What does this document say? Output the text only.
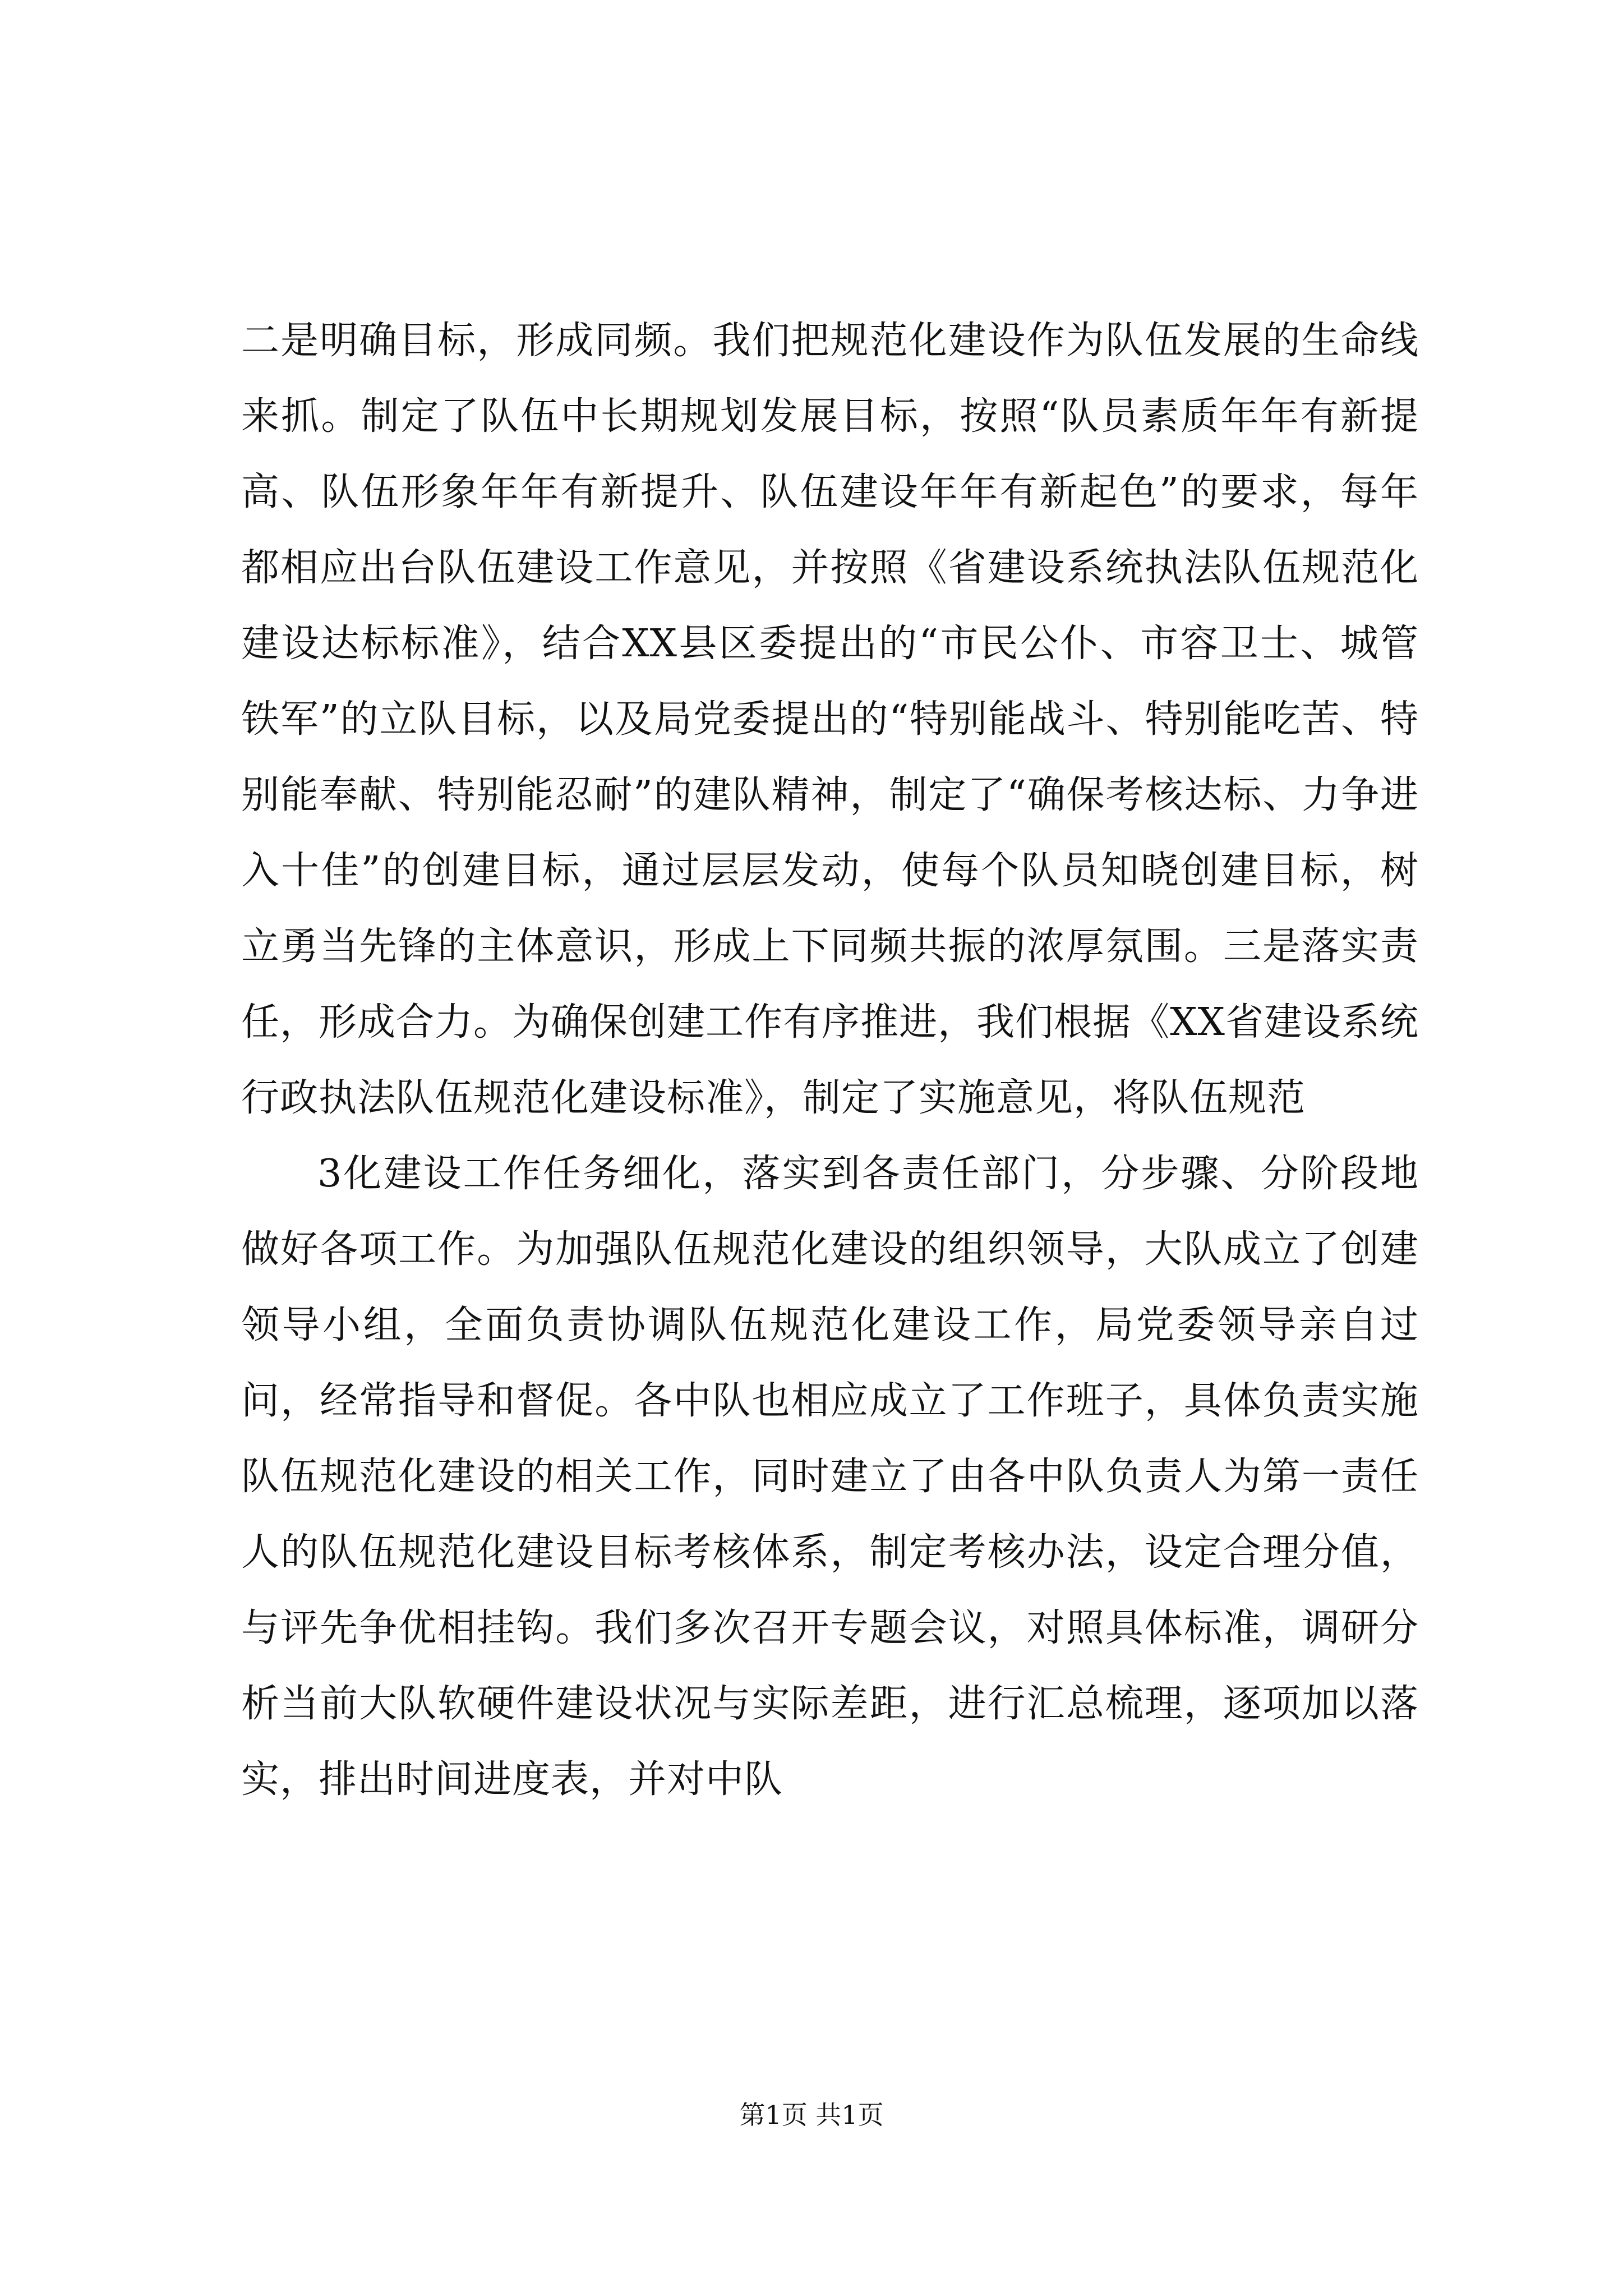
二是明确目标，形成同频。我们把规范化建设作为队伍发展的生命线来抓。制定了队伍中长期规划发展目标，按照“队员素质年年有新提高、队伍形象年年有新提升、队伍建设年年有新起色”的要求，每年都相应出台队伍建设工作意见，并按照《省建设系统执法队伍规范化建设达标标准》，结合XX县区委提出的“市民公仆、市容卫士、城管铁军”的立队目标，以及局党委提出的“特别能战斗、特别能吃苦、特别能奉献、特别能忍耐”的建队精神，制定了“确保考核达标、力争进入十佳”的创建目标，通过层层发动，使每个队员知晓创建目标，树立勇当先锋的主体意识，形成上下同频共振的浓厚氛围。三是落实责任，形成合力。为确保创建工作有序推进，我们根据《XX省建设系统行政执法队伍规范化建设标准》，制定了实施意见，将队伍规范

3化建设工作任务细化，落实到各责任部门，分步骤、分阶段地做好各项工作。为加强队伍规范化建设的组织领导，大队成立了创建领导小组，全面负责协调队伍规范化建设工作，局党委领导亲自过问，经常指导和督促。各中队也相应成立了工作班子，具体负责实施队伍规范化建设的相关工作，同时建立了由各中队负责人为第一责任人的队伍规范化建设目标考核体系，制定考核办法，设定合理分值，与评先争优相挂钩。我们多次召开专题会议，对照具体标准，调研分析当前大队软硬件建设状况与实际差距，进行汇总梳理，逐项加以落实，排出时间进度表，并对中队

第1页 共1页
